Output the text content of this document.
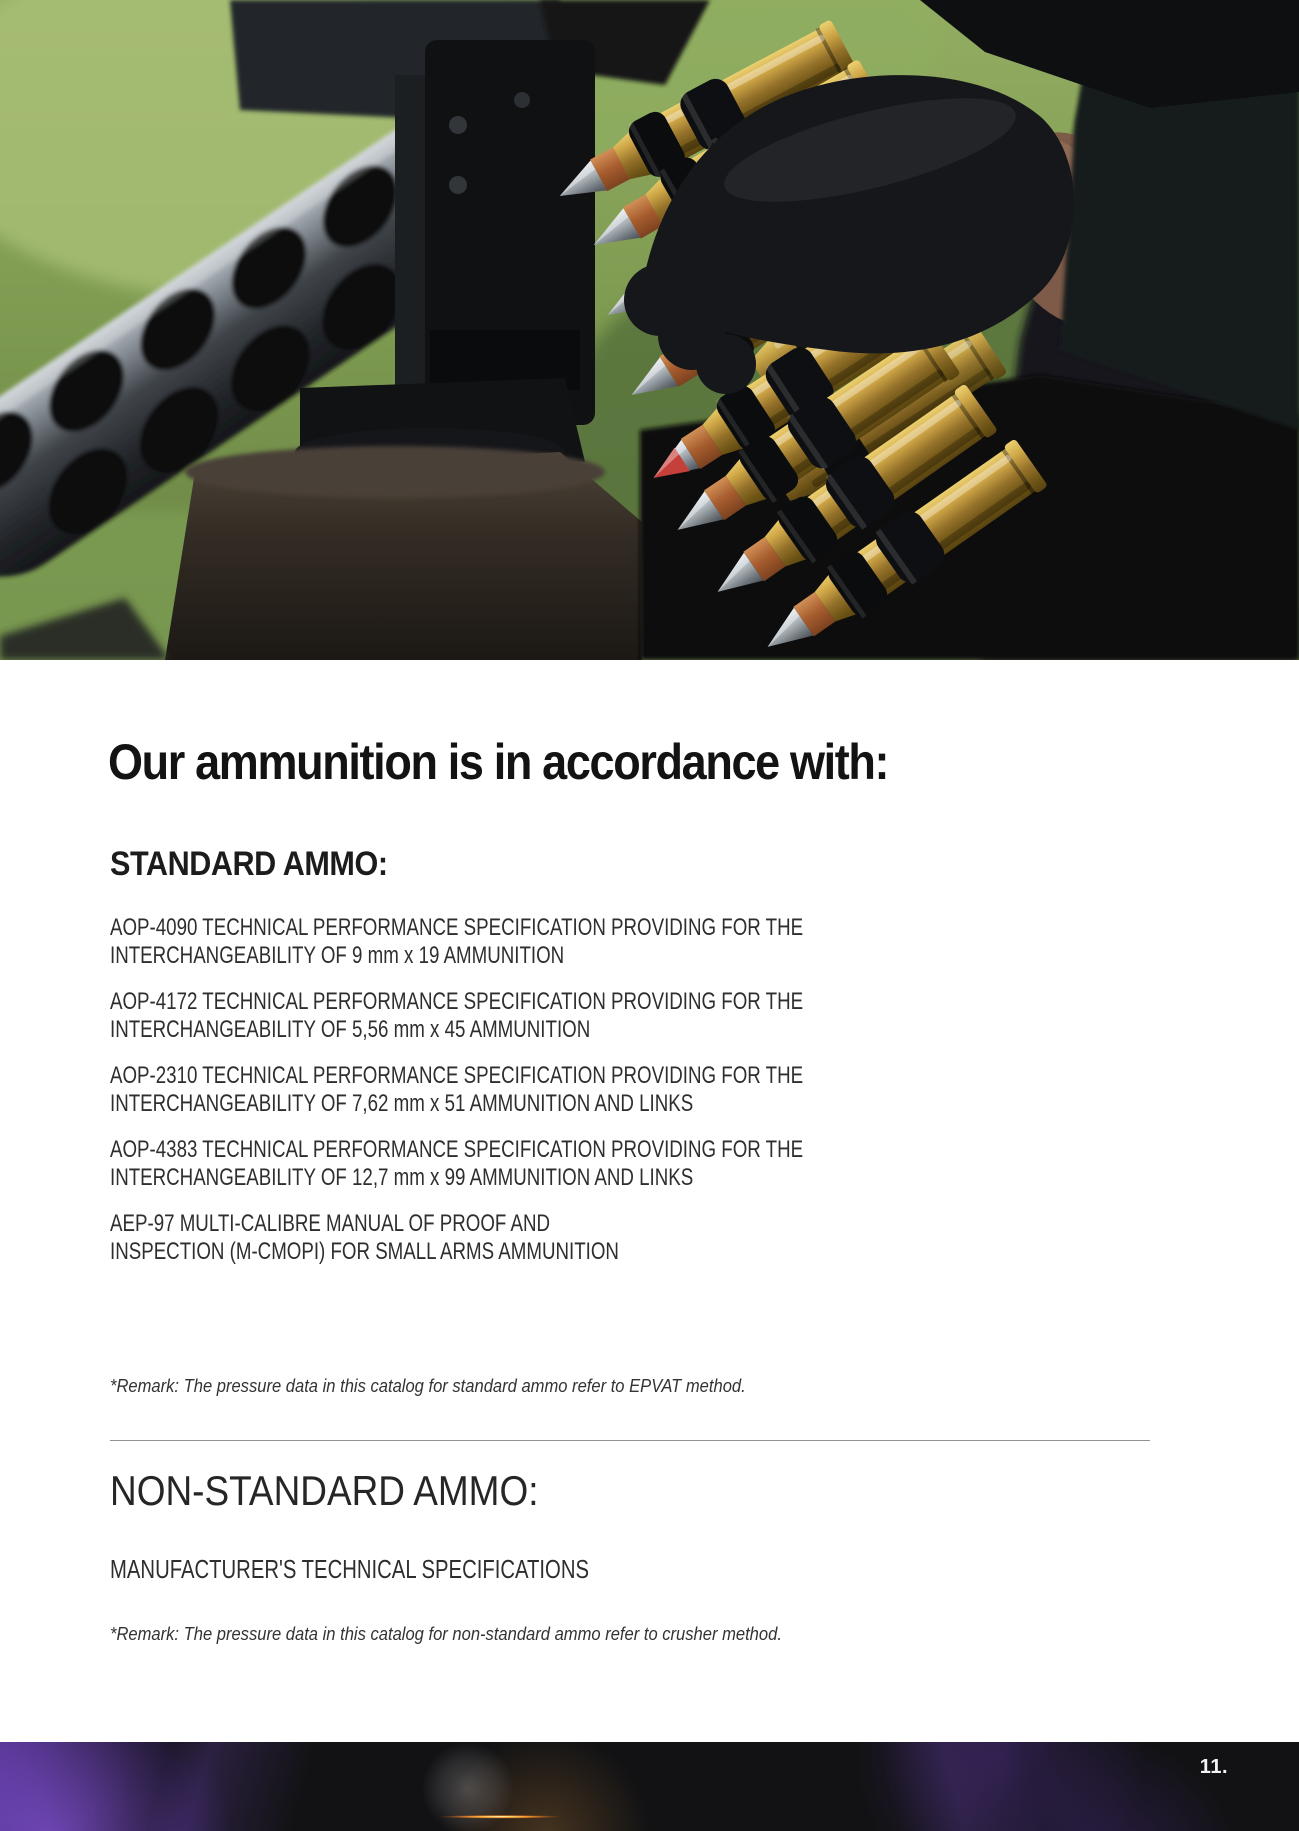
Our ammunition is in accordance with:
STANDARD AMMO:
AOP-4090 TECHNICAL PERFORMANCE SPECIFICATION PROVIDING FOR THE
INTERCHANGEABILITY OF 9 mm x 19 AMMUNITION
AOP-4172 TECHNICAL PERFORMANCE SPECIFICATION PROVIDING FOR THE
INTERCHANGEABILITY OF 5,56 mm x 45 AMMUNITION
AOP-2310 TECHNICAL PERFORMANCE SPECIFICATION PROVIDING FOR THE
INTERCHANGEABILITY OF 7,62 mm x 51 AMMUNITION AND LINKS
AOP-4383 TECHNICAL PERFORMANCE SPECIFICATION PROVIDING FOR THE
INTERCHANGEABILITY OF 12,7 mm x 99 AMMUNITION AND LINKS
AEP-97 MULTI-CALIBRE MANUAL OF PROOF AND
INSPECTION (M-CMOPI) FOR SMALL ARMS AMMUNITION
*Remark: The pressure data in this catalog for standard ammo refer to EPVAT method.
NON-STANDARD AMMO:
MANUFACTURER'S TECHNICAL SPECIFICATIONS
*Remark: The pressure data in this catalog for non-standard ammo refer to crusher method.
11.
